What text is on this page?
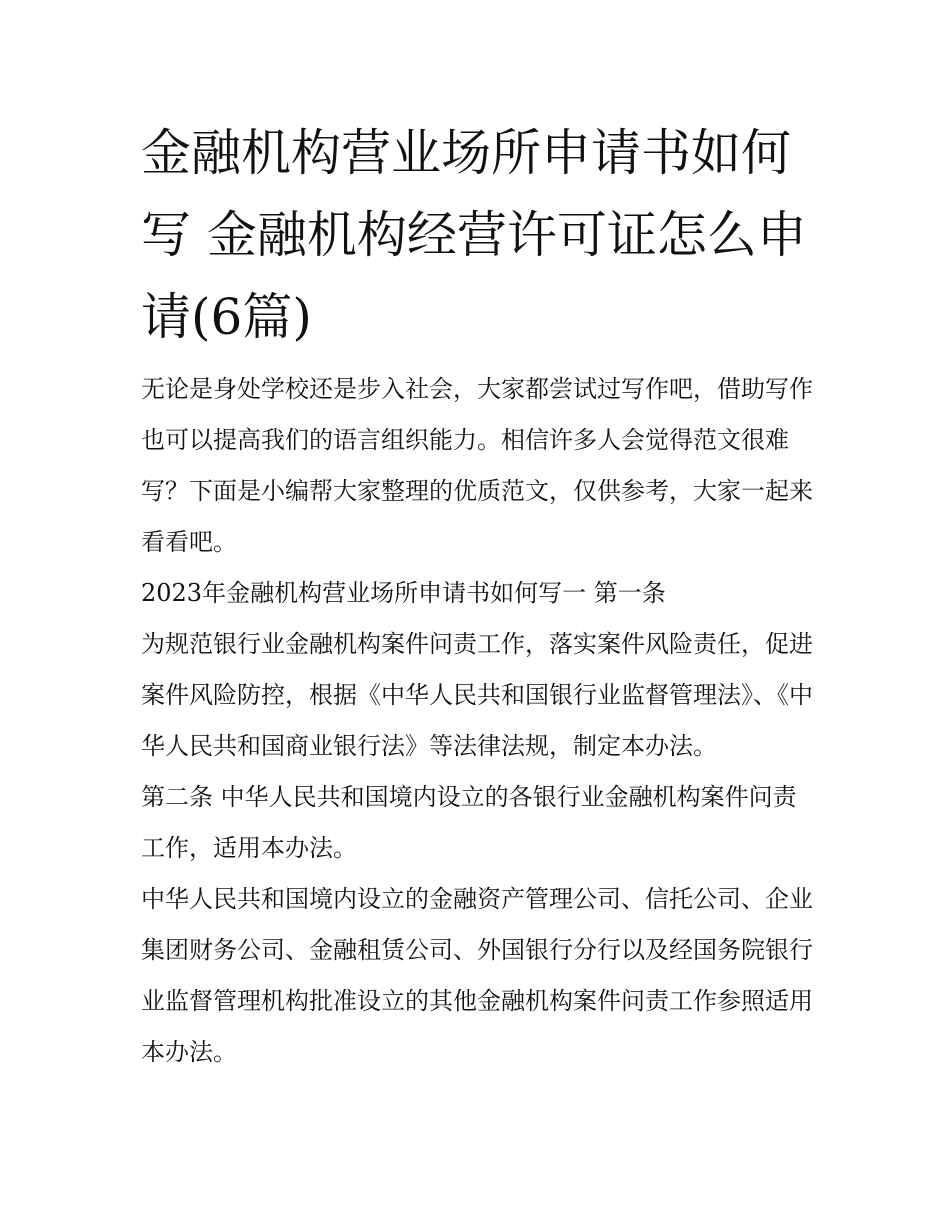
金融机构营业场所申请书如何写 金融机构经营许可证怎么申请(6篇)

无论是身处学校还是步入社会，大家都尝试过写作吧，借助写作也可以提高我们的语言组织能力。相信许多人会觉得范文很难写？下面是小编帮大家整理的优质范文，仅供参考，大家一起来看看吧。

2023年金融机构营业场所申请书如何写一 第一条

为规范银行业金融机构案件问责工作，落实案件风险责任，促进案件风险防控，根据《中华人民共和国银行业监督管理法》、《中华人民共和国商业银行法》等法律法规，制定本办法。

第二条 中华人民共和国境内设立的各银行业金融机构案件问责工作，适用本办法。

中华人民共和国境内设立的金融资产管理公司、信托公司、企业集团财务公司、金融租赁公司、外国银行分行以及经国务院银行业监督管理机构批准设立的其他金融机构案件问责工作参照适用本办法。
